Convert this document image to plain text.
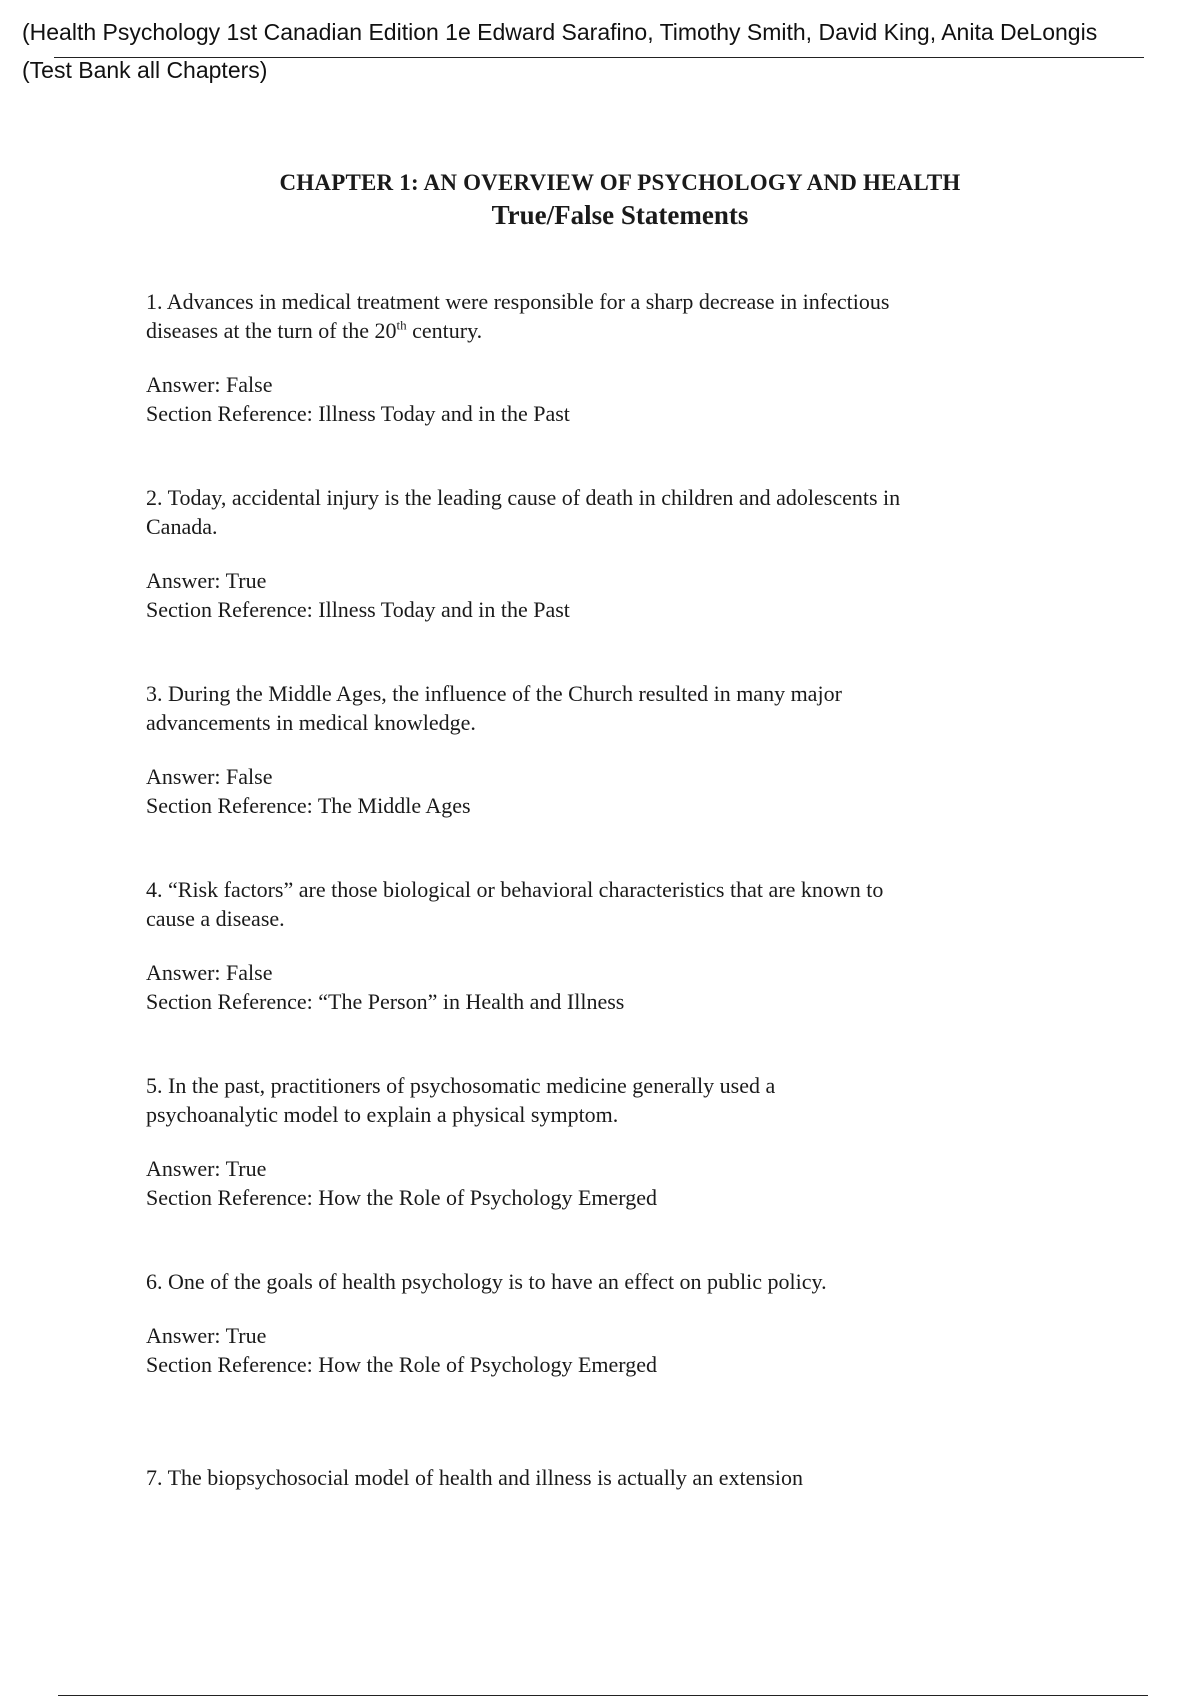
(Health Psychology 1st Canadian Edition 1e Edward Sarafino, Timothy Smith, David King, Anita DeLongis
(Test Bank all Chapters)
CHAPTER 1: AN OVERVIEW OF PSYCHOLOGY AND HEALTH
True/False Statements

1. Advances in medical treatment were responsible for a sharp decrease in infectious diseases at the turn of the 20th century.

Answer: False
Section Reference: Illness Today and in the Past

2. Today, accidental injury is the leading cause of death in children and adolescents in Canada.

Answer: True
Section Reference: Illness Today and in the Past

3. During the Middle Ages, the influence of the Church resulted in many major advancements in medical knowledge.

Answer: False
Section Reference: The Middle Ages

4. “Risk factors” are those biological or behavioral characteristics that are known to cause a disease.

Answer: False
Section Reference: “The Person” in Health and Illness

5. In the past, practitioners of psychosomatic medicine generally used a psychoanalytic model to explain a physical symptom.

Answer: True
Section Reference: How the Role of Psychology Emerged

6. One of the goals of health psychology is to have an effect on public policy.

Answer: True
Section Reference: How the Role of Psychology Emerged

7. The biopsychosocial model of health and illness is actually an extension
